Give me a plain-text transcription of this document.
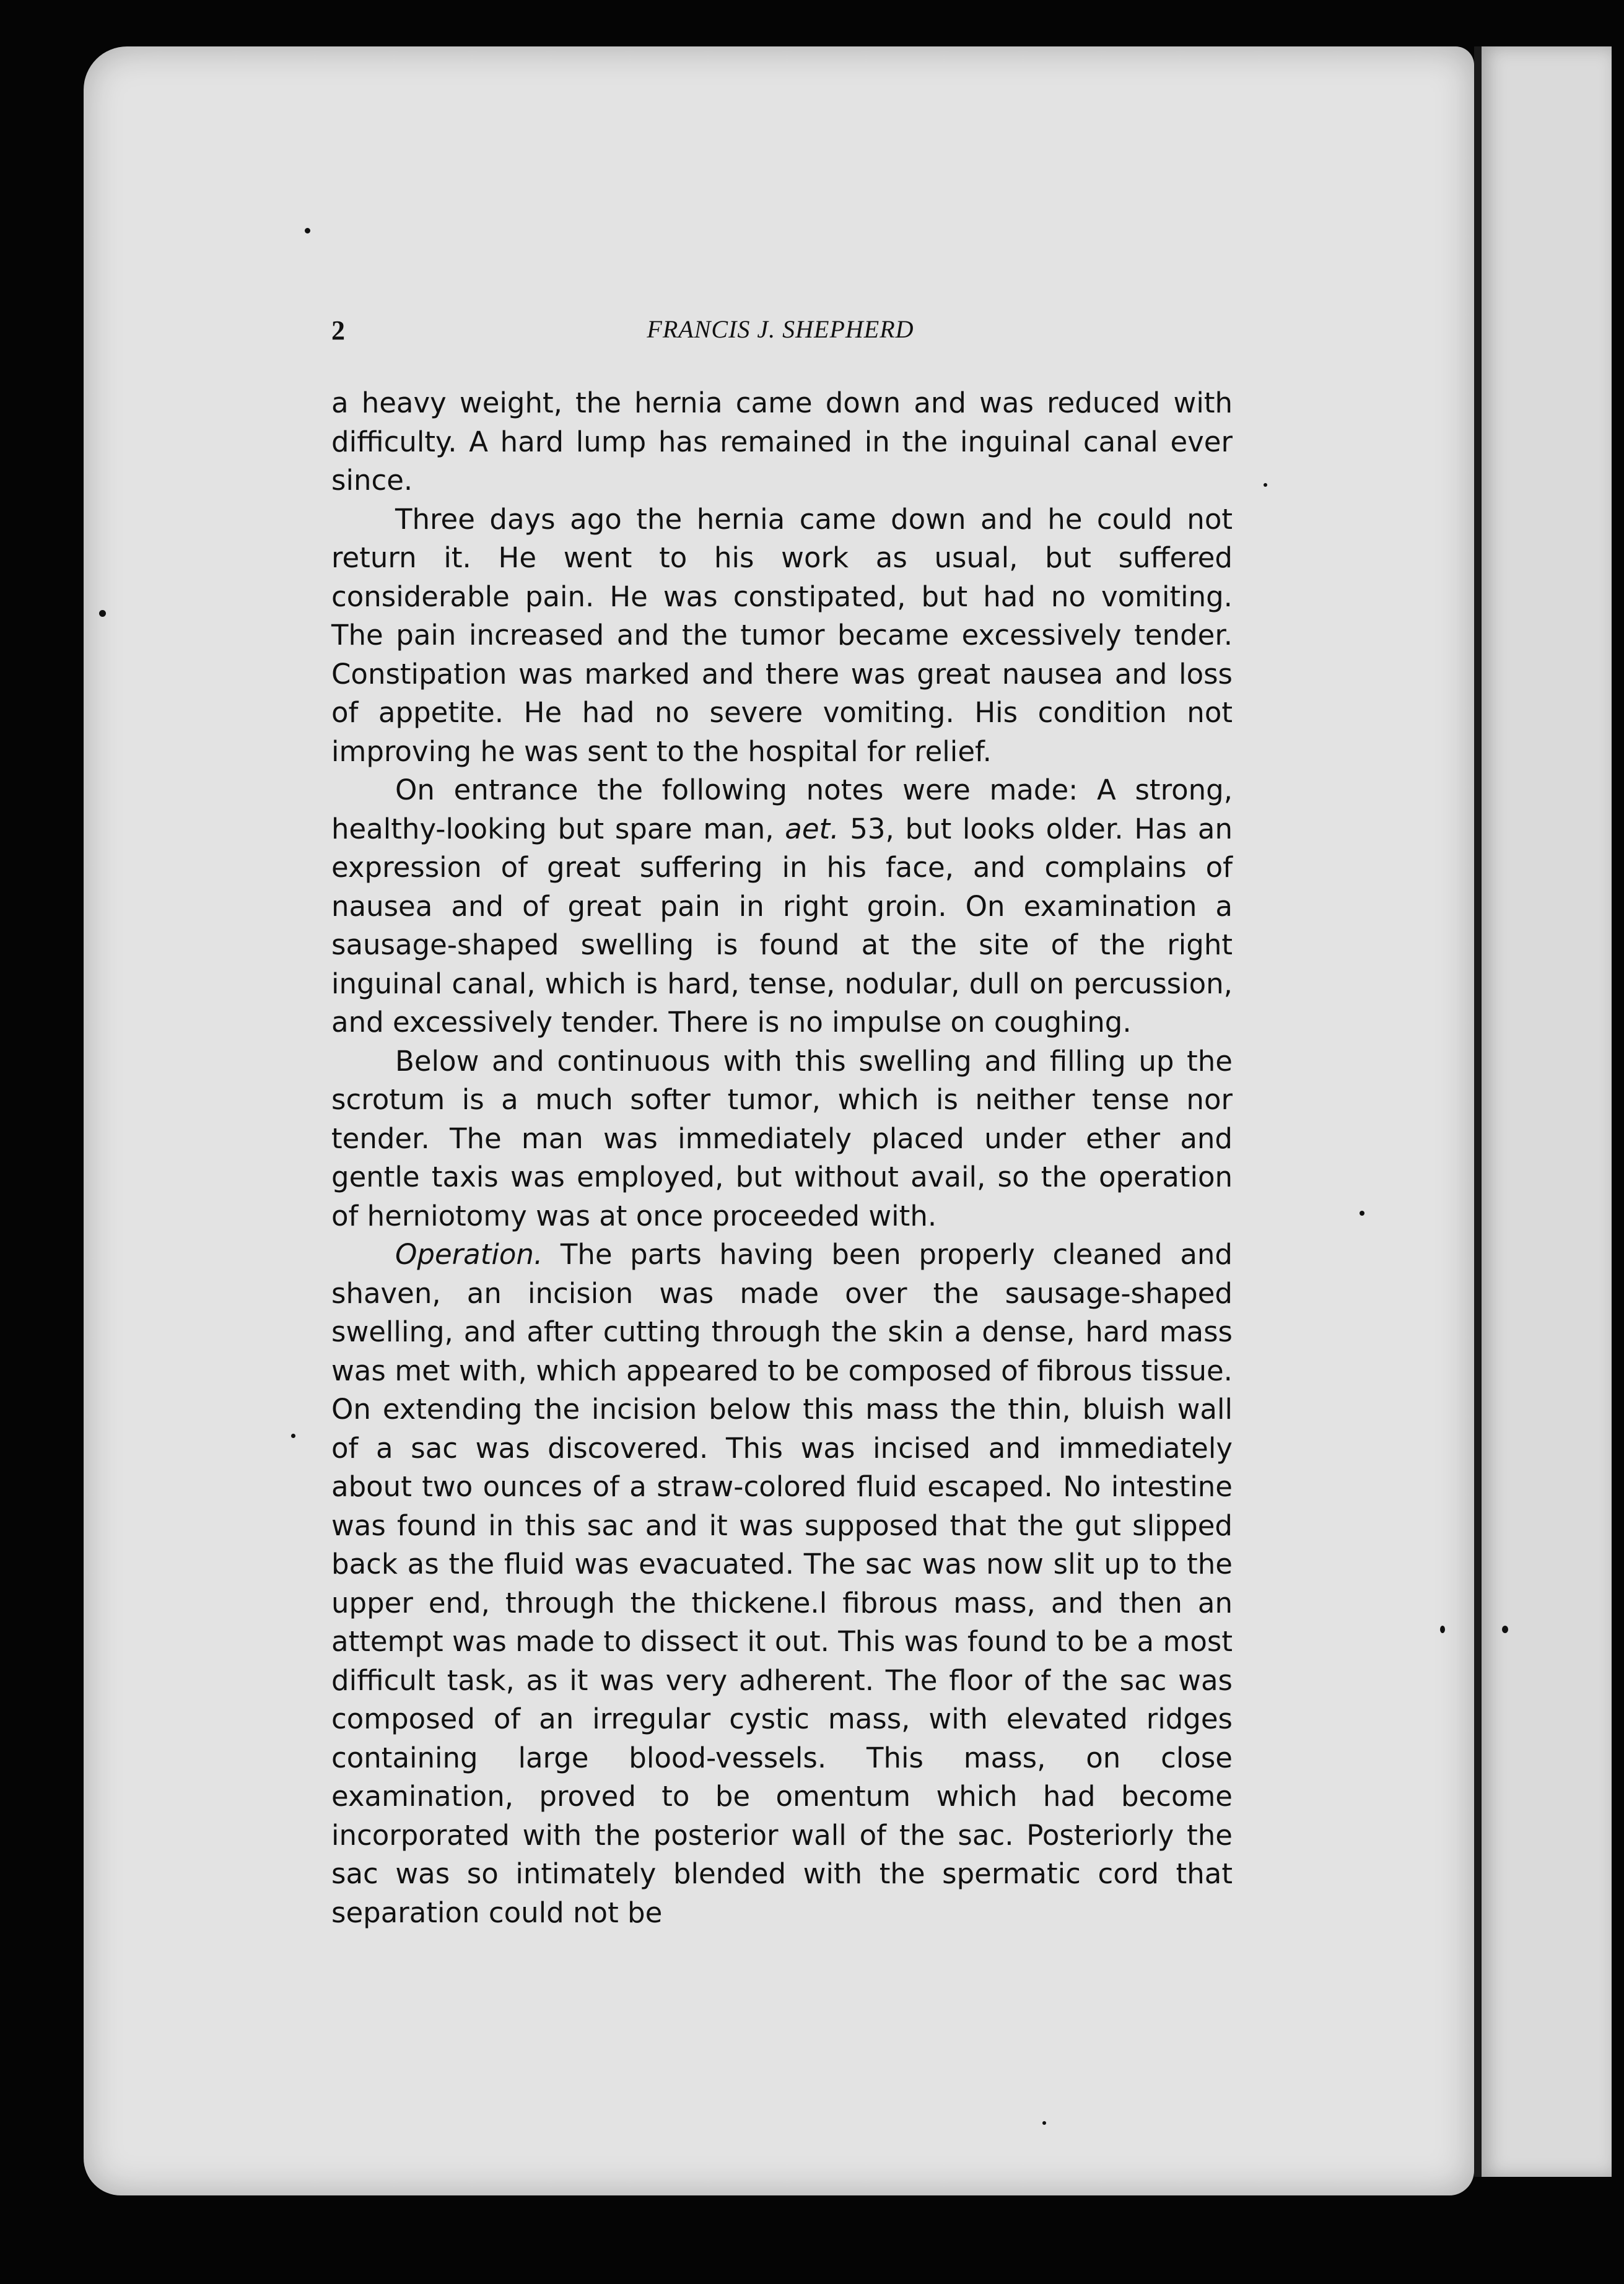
2	FRANCIS J. SHEPHERD

a heavy weight, the hernia came down and was reduced with difficulty. A hard lump has remained in the inguinal canal ever since.

Three days ago the hernia came down and he could not return it. He went to his work as usual, but suffered considerable pain. He was constipated, but had no vomiting. The pain increased and the tumor became excessively tender. Constipation was marked and there was great nausea and loss of appetite. He had no severe vomiting. His condition not improving he was sent to the hospital for relief.

On entrance the following notes were made: A strong, healthy-looking but spare man, aet. 53, but looks older. Has an expression of great suffering in his face, and complains of nausea and of great pain in right groin. On examination a sausage-shaped swelling is found at the site of the right inguinal canal, which is hard, tense, nodular, dull on percussion, and excessively tender. There is no impulse on coughing.

Below and continuous with this swelling and filling up the scrotum is a much softer tumor, which is neither tense nor tender. The man was immediately placed under ether and gentle taxis was employed, but without avail, so the operation of herniotomy was at once proceeded with.

Operation. The parts having been properly cleaned and shaven, an incision was made over the sausage-shaped swelling, and after cutting through the skin a dense, hard mass was met with, which appeared to be composed of fibrous tissue. On extending the incision below this mass the thin, bluish wall of a sac was discovered. This was incised and immediately about two ounces of a straw-colored fluid escaped. No intestine was found in this sac and it was supposed that the gut slipped back as the fluid was evacuated. The sac was now slit up to the upper end, through the thickene.l fibrous mass, and then an attempt was made to dissect it out. This was found to be a most difficult task, as it was very adherent. The floor of the sac was composed of an irregular cystic mass, with elevated ridges containing large blood-vessels. This mass, on close examination, proved to be omentum which had become incorporated with the posterior wall of the sac. Posteriorly the sac was so intimately blended with the spermatic cord that separation could not be
